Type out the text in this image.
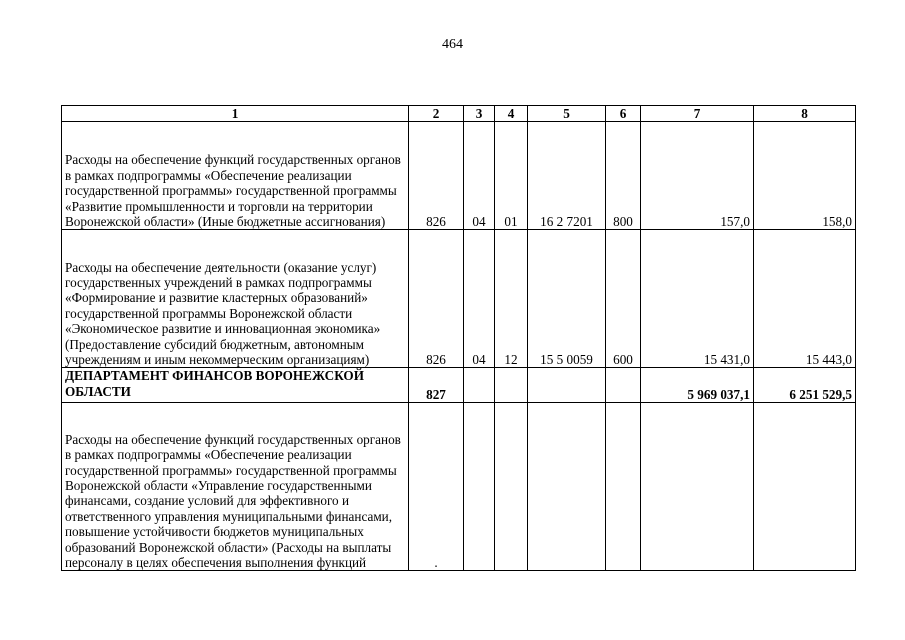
464
1	2	3	4	5	6	7	8
Расходы на обеспечение функций государственных органов в рамках подпрограммы «Обеспечение реализации государственной программы» государственной программы «Развитие промышленности и торговли на территории Воронежской области» (Иные бюджетные ассигнования)	826	04	01	16 2 7201	800	157,0	158,0
Расходы на обеспечение деятельности (оказание услуг) государственных учреждений в рамках подпрограммы «Формирование и развитие кластерных образований» государственной программы Воронежской области «Экономическое развитие и инновационная экономика» (Предоставление субсидий бюджетным, автономным учреждениям и иным некоммерческим организациям)	826	04	12	15 5 0059	600	15 431,0	15 443,0
ДЕПАРТАМЕНТ ФИНАНСОВ ВОРОНЕЖСКОЙ ОБЛАСТИ	827					5 969 037,1	6 251 529,5
Расходы на обеспечение функций государственных органов в рамках подпрограммы «Обеспечение реализации государственной программы» государственной программы Воронежской области «Управление государственными финансами, создание условий для эффективного и ответственного управления муниципальными финансами, повышение устойчивости бюджетов муниципальных образований Воронежской области» (Расходы на выплаты персоналу в целях обеспечения выполнения функций	.						
